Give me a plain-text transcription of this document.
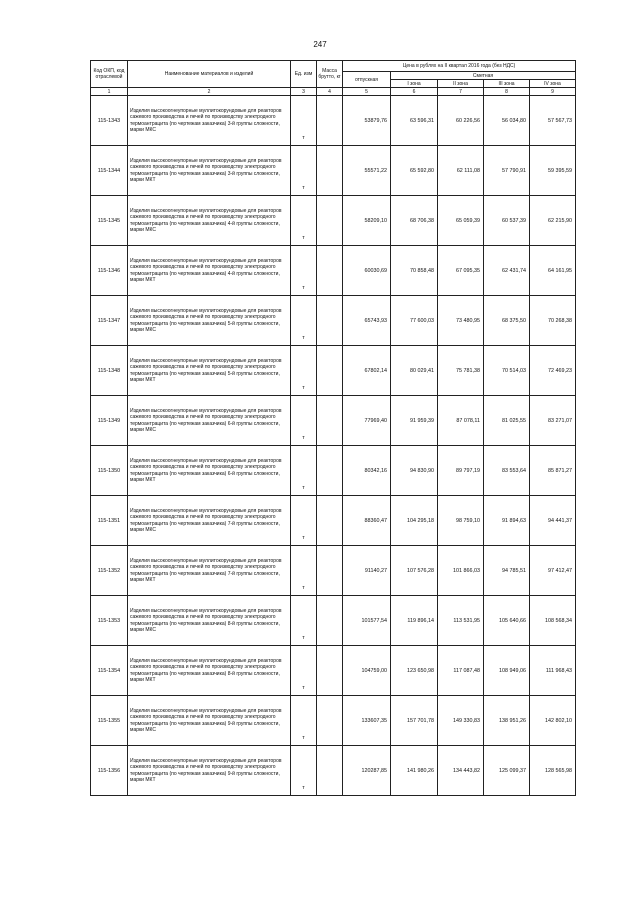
247
Код ОКП, код отраслевой	Наименование материалов и изделий	Ед. изм	Масса брутто, кг	Цена в рублях на II квартал 2016 года (без НДС)				
				отпускная	Сметная			
					I зона	II зона	III зона	IV зона
1	2	3	4	5	6	7	8	9
115-1343	Изделия высокоогнеупорные муллитокорундовые для реакторов сажевого производства и печей по производству электродного термоантрацита (по чертежам заказчика) 3-й группы сложности, марки МКС	т		53879,76	63 596,31	60 226,56	56 034,80	57 567,73
115-1344	Изделия высокоогнеупорные муллитокорундовые для реакторов сажевого производства и печей по производству электродного термоантрацита (по чертежам заказчика) 3-й группы сложности, марки МКТ	т		55571,22	65 592,80	62 111,08	57 790,91	59 395,59
115-1345	Изделия высокоогнеупорные муллитокорундовые для реакторов сажевого производства и печей по производству электродного термоантрацита (по чертежам заказчика) 4-й группы сложности, марки МКС	т		58209,10	68 706,38	65 059,39	60 537,39	62 215,90
115-1346	Изделия высокоогнеупорные муллитокорундовые для реакторов сажевого производства и печей по производству электродного термоантрацита (по чертежам заказчика) 4-й группы сложности, марки МКТ	т		60030,69	70 858,48	67 095,35	62 431,74	64 161,95
115-1347	Изделия высокоогнеупорные муллитокорундовые для реакторов сажевого производства и печей по производству электродного термоантрацита (по чертежам заказчика) 5-й группы сложности, марки МКС	т		65743,93	77 600,03	73 480,95	68 375,50	70 268,38
115-1348	Изделия высокоогнеупорные муллитокорундовые для реакторов сажевого производства и печей по производству электродного термоантрацита (по чертежам заказчика) 5-й группы сложности, марки МКТ	т		67802,14	80 029,41	75 781,38	70 514,03	72 469,23
115-1349	Изделия высокоогнеупорные муллитокорундовые для реакторов сажевого производства и печей по производству электродного термоантрацита (по чертежам заказчика) 6-й группы сложности, марки МКС	т		77969,40	91 959,39	87 078,11	81 025,55	83 271,07
115-1350	Изделия высокоогнеупорные муллитокорундовые для реакторов сажевого производства и печей по производству электродного термоантрацита (по чертежам заказчика) 6-й группы сложности, марки МКТ	т		80342,16	94 830,90	89 797,19	83 553,64	85 871,27
115-1351	Изделия высокоогнеупорные муллитокорундовые для реакторов сажевого производства и печей по производству электродного термоантрацита (по чертежам заказчика) 7-й группы сложности, марки МКС	т		88360,47	104 295,18	98 759,10	91 894,63	94 441,37
115-1352	Изделия высокоогнеупорные муллитокорундовые для реакторов сажевого производства и печей по производству электродного термоантрацита (по чертежам заказчика) 7-й группы сложности, марки МКТ	т		91140,27	107 576,28	101 866,03	94 785,51	97 412,47
115-1353	Изделия высокоогнеупорные муллитокорундовые для реакторов сажевого производства и печей по производству электродного термоантрацита (по чертежам заказчика) 8-й группы сложности, марки МКС	т		101577,54	119 896,14	113 531,95	105 640,66	108 568,34
115-1354	Изделия высокоогнеупорные муллитокорундовые для реакторов сажевого производства и печей по производству электродного термоантрацита (по чертежам заказчика) 8-й группы сложности, марки МКТ	т		104759,00	123 650,98	117 087,48	108 949,06	111 968,43
115-1355	Изделия высокоогнеупорные муллитокорундовые для реакторов сажевого производства и печей по производству электродного термоантрацита (по чертежам заказчика) 9-й группы сложности, марки МКС	т		133607,35	157 701,78	149 330,83	138 951,26	142 802,10
115-1356	Изделия высокоогнеупорные муллитокорундовые для реакторов сажевого производства и печей по производству электродного термоантрацита (по чертежам заказчика) 9-й группы сложности, марки МКТ	т		120287,85	141 980,26	134 443,82	125 099,37	128 565,98
